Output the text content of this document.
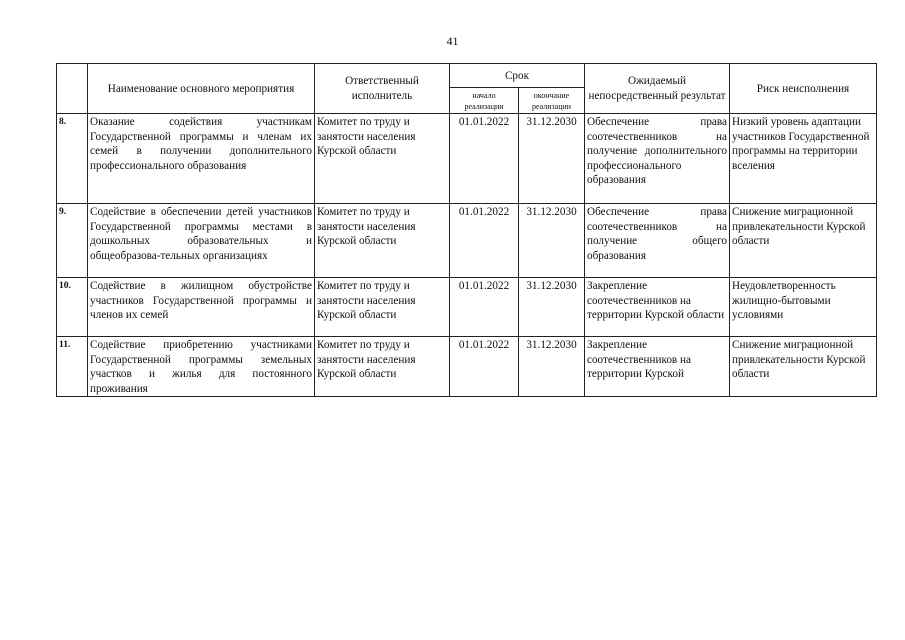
41
	Наименование основного мероприятия	Ответственный исполнитель	Срок		Ожидаемый непосредственный результат	Риск неисполнения
			начало реализации	окончание реализации		
8.	Оказание содействия участникам Государственной программы и членам их семей в получении дополнительного профессионального образования	Комитет по труду и занятости населения Курской области	01.01.2022	31.12.2030	Обеспечение права соотечественников на получение дополнительного профессионального образования	Низкий уровень адаптации участников Государственной программы на территории вселения
9.	Содействие в обеспечении детей участников Государственной программы местами в дошкольных образовательных и общеобразова-тельных организациях	Комитет по труду и занятости населения Курской области	01.01.2022	31.12.2030	Обеспечение права соотечественников на получение общего образования	Снижение миграционной привлекательности Курской области
10.	Содействие в жилищном обустройстве участников Государственной программы и членов их семей	Комитет по труду и занятости населения Курской области	01.01.2022	31.12.2030	Закрепление соотечественников на территории Курской области	Неудовлетворенность жилищно-бытовыми условиями
11.	Содействие приобретению участниками Государственной программы земельных участков и жилья для постоянного проживания	Комитет по труду и занятости населения Курской области	01.01.2022	31.12.2030	Закрепление соотечественников на территории Курской	Снижение миграционной привлекательности Курской области
